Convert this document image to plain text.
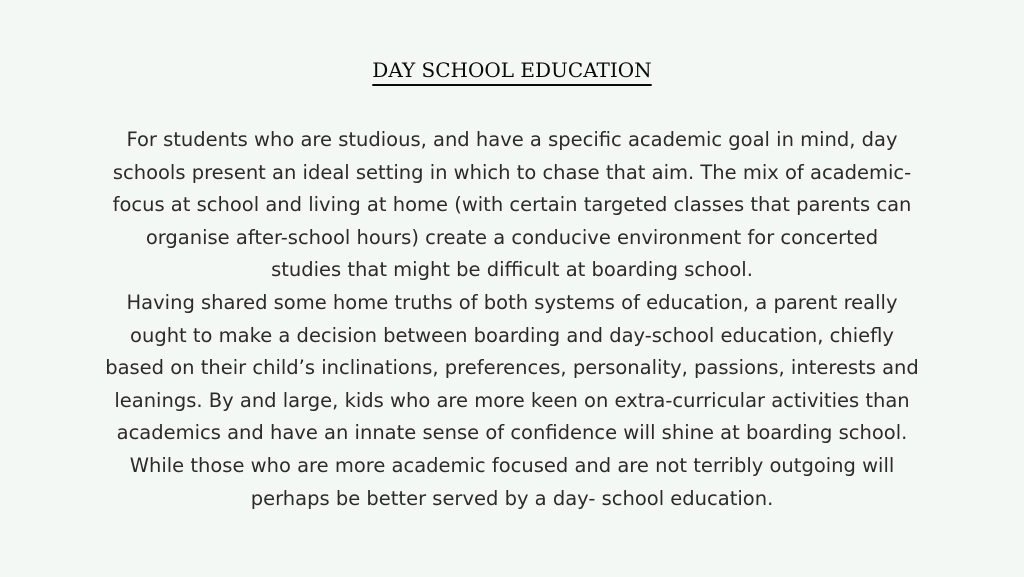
DAY SCHOOL EDUCATION
For students who are studious, and have a specific academic goal in mind, day
schools present an ideal setting in which to chase that aim. The mix of academic-
focus at school and living at home (with certain targeted classes that parents can
organise after-school hours) create a conducive environment for concerted
studies that might be difficult at boarding school.
Having shared some home truths of both systems of education, a parent really
ought to make a decision between boarding and day-school education, chiefly
based on their child’s inclinations, preferences, personality, passions, interests and
leanings. By and large, kids who are more keen on extra-curricular activities than
academics and have an innate sense of confidence will shine at boarding school.
While those who are more academic focused and are not terribly outgoing will
perhaps be better served by a day- school education.
